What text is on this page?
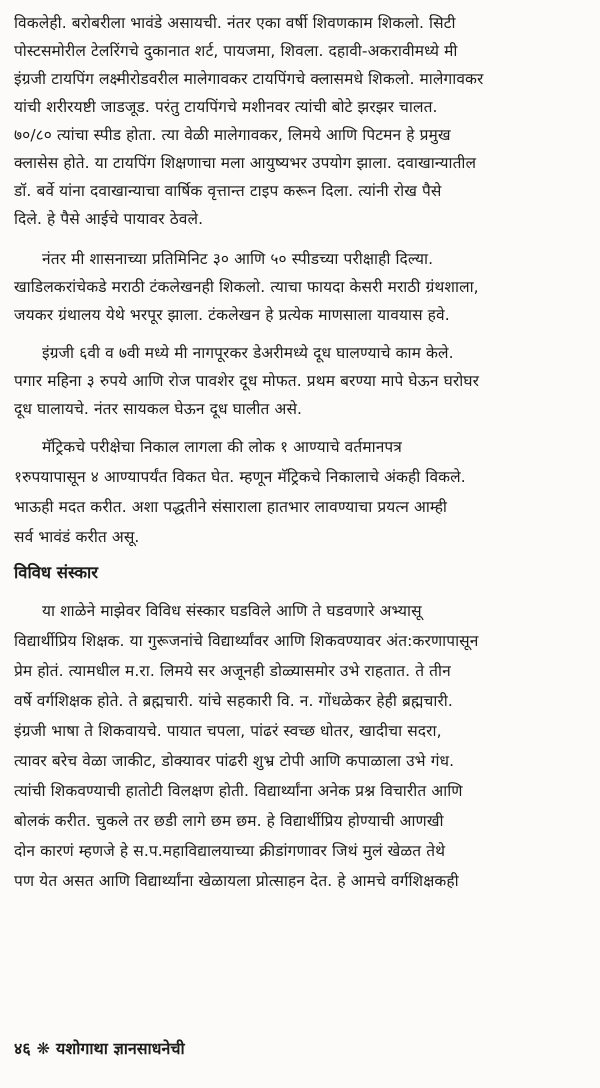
विकलेही. बरोबरीला भावंडे असायची. नंतर एका वर्षी शिवणकाम शिकलो. सिटी
पोस्टसमोरील टेलरिंगचे दुकानात शर्ट, पायजमा, शिवला. दहावी-अकरावीमध्ये मी
इंग्रजी टायपिंग लक्ष्मीरोडवरील मालेगावकर टायपिंगचे क्लासमधे शिकलो. मालेगावकर
यांची शरीरयष्टी जाडजूड. परंतु टायपिंगचे मशीनवर त्यांची बोटे झरझर चालत.
७०/८० त्यांचा स्पीड होता. त्या वेळी मालेगावकर, लिमये आणि पिटमन हे प्रमुख
क्लासेस होते. या टायपिंग शिक्षणाचा मला आयुष्यभर उपयोग झाला. दवाखान्यातील
डॉ. बर्वे यांना दवाखान्याचा वार्षिक वृत्तान्त टाइप करून दिला. त्यांनी रोख पैसे
दिले. हे पैसे आईचे पायावर ठेवले.
नंतर मी शासनाच्या प्रतिमिनिट ३० आणि ५० स्पीडच्या परीक्षाही दिल्या.
खाडिलकरांचेकडे मराठी टंकलेखनही शिकलो. त्याचा फायदा केसरी मराठी ग्रंथशाला,
जयकर ग्रंथालय येथे भरपूर झाला. टंकलेखन हे प्रत्येक माणसाला यावयास हवे.
इंग्रजी ६वी व ७वी मध्ये मी नागपूरकर डेअरीमध्ये दूध घालण्याचे काम केले.
पगार महिना ३ रुपये आणि रोज पावशेर दूध मोफत. प्रथम बरण्या मापे घेऊन घरोघर
दूध घालायचे. नंतर सायकल घेऊन दूध घालीत असे.
मॅट्रिकचे परीक्षेचा निकाल लागला की लोक १ आण्याचे वर्तमानपत्र
१रुपयापासून ४ आण्यापर्यंत विकत घेत. म्हणून मॅट्रिकचे निकालाचे अंकही विकले.
भाऊही मदत करीत. अशा पद्धतीने संसाराला हातभार लावण्याचा प्रयत्न आम्ही
सर्व भावंडं करीत असू.
विविध संस्कार
या शाळेने माझेवर विविध संस्कार घडविले आणि ते घडवणारे अभ्यासू
विद्यार्थीप्रिय शिक्षक. या गुरूजनांचे विद्यार्थ्यांवर आणि शिकवण्यावर अंत:करणापासून
प्रेम होतं. त्यामधील म.रा. लिमये सर अजूनही डोळ्यासमोर उभे राहतात. ते तीन
वर्षे वर्गशिक्षक होते. ते ब्रह्मचारी. यांचे सहकारी वि. न. गोंधळेकर हेही ब्रह्मचारी.
इंग्रजी भाषा ते शिकवायचे. पायात चपला, पांढरं स्वच्छ धोतर, खादीचा सदरा,
त्यावर बरेच वेळा जाकीट, डोक्यावर पांढरी शुभ्र टोपी आणि कपाळाला उभे गंध.
त्यांची शिकवण्याची हातोटी विलक्षण होती. विद्यार्थ्यांना अनेक प्रश्न विचारीत आणि
बोलकं करीत. चुकले तर छडी लागे छम छम. हे विद्यार्थीप्रिय होण्याची आणखी
दोन कारणं म्हणजे हे स.प.महाविद्यालयाच्या क्रीडांगणावर जिथं मुलं खेळत तेथे
पण येत असत आणि विद्यार्थ्यांना खेळायला प्रोत्साहन देत. हे आमचे वर्गशिक्षकही
४६ ❋ यशोगाथा ज्ञानसाधनेची
